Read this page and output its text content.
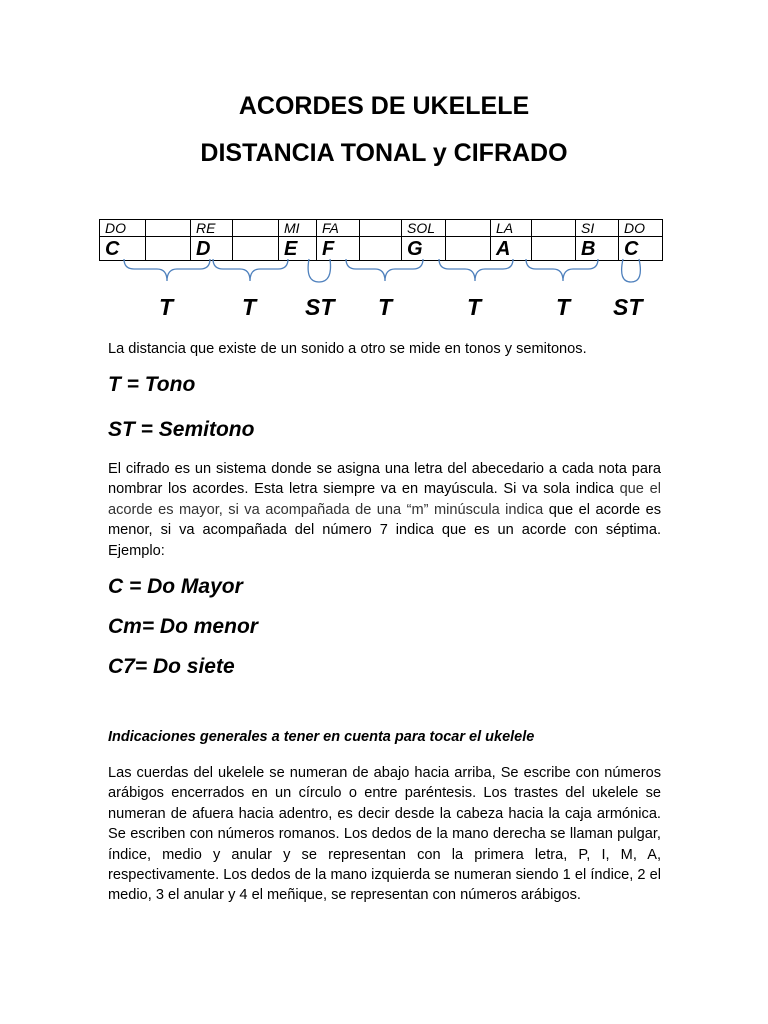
ACORDES DE UKELELE
DISTANCIA TONAL y CIFRADO
DO		RE		MI	FA		SOL		LA		SI	DO
C		D		E	F		G		A		B	C
T	T ST T	T	T ST
La distancia que existe de un sonido a otro se mide en tonos y semitonos.
T = Tono
ST = Semitono
El cifrado es un sistema donde se asigna una letra del abecedario a cada nota para nombrar los acordes. Esta letra siempre va en mayúscula. Si va sola indica que el acorde es mayor, si va acompañada de una “m” minúscula indica que el acorde es menor, si va acompañada del número 7 indica que es un acorde con séptima. Ejemplo:
C = Do Mayor
Cm= Do menor
C7= Do siete
Indicaciones generales a tener en cuenta para tocar el ukelele
Las cuerdas del ukelele se numeran de abajo hacia arriba, Se escribe con números arábigos encerrados en un círculo o entre paréntesis. Los trastes del ukelele se numeran de afuera hacia adentro, es decir desde la cabeza hacia la caja armónica. Se escriben con números romanos. Los dedos de la mano derecha se llaman pulgar, índice, medio y anular y se representan con la primera letra, P, I, M, A, respectivamente. Los dedos de la mano izquierda se numeran siendo 1 el índice, 2 el medio, 3 el anular y 4 el meñique, se representan con números arábigos.
